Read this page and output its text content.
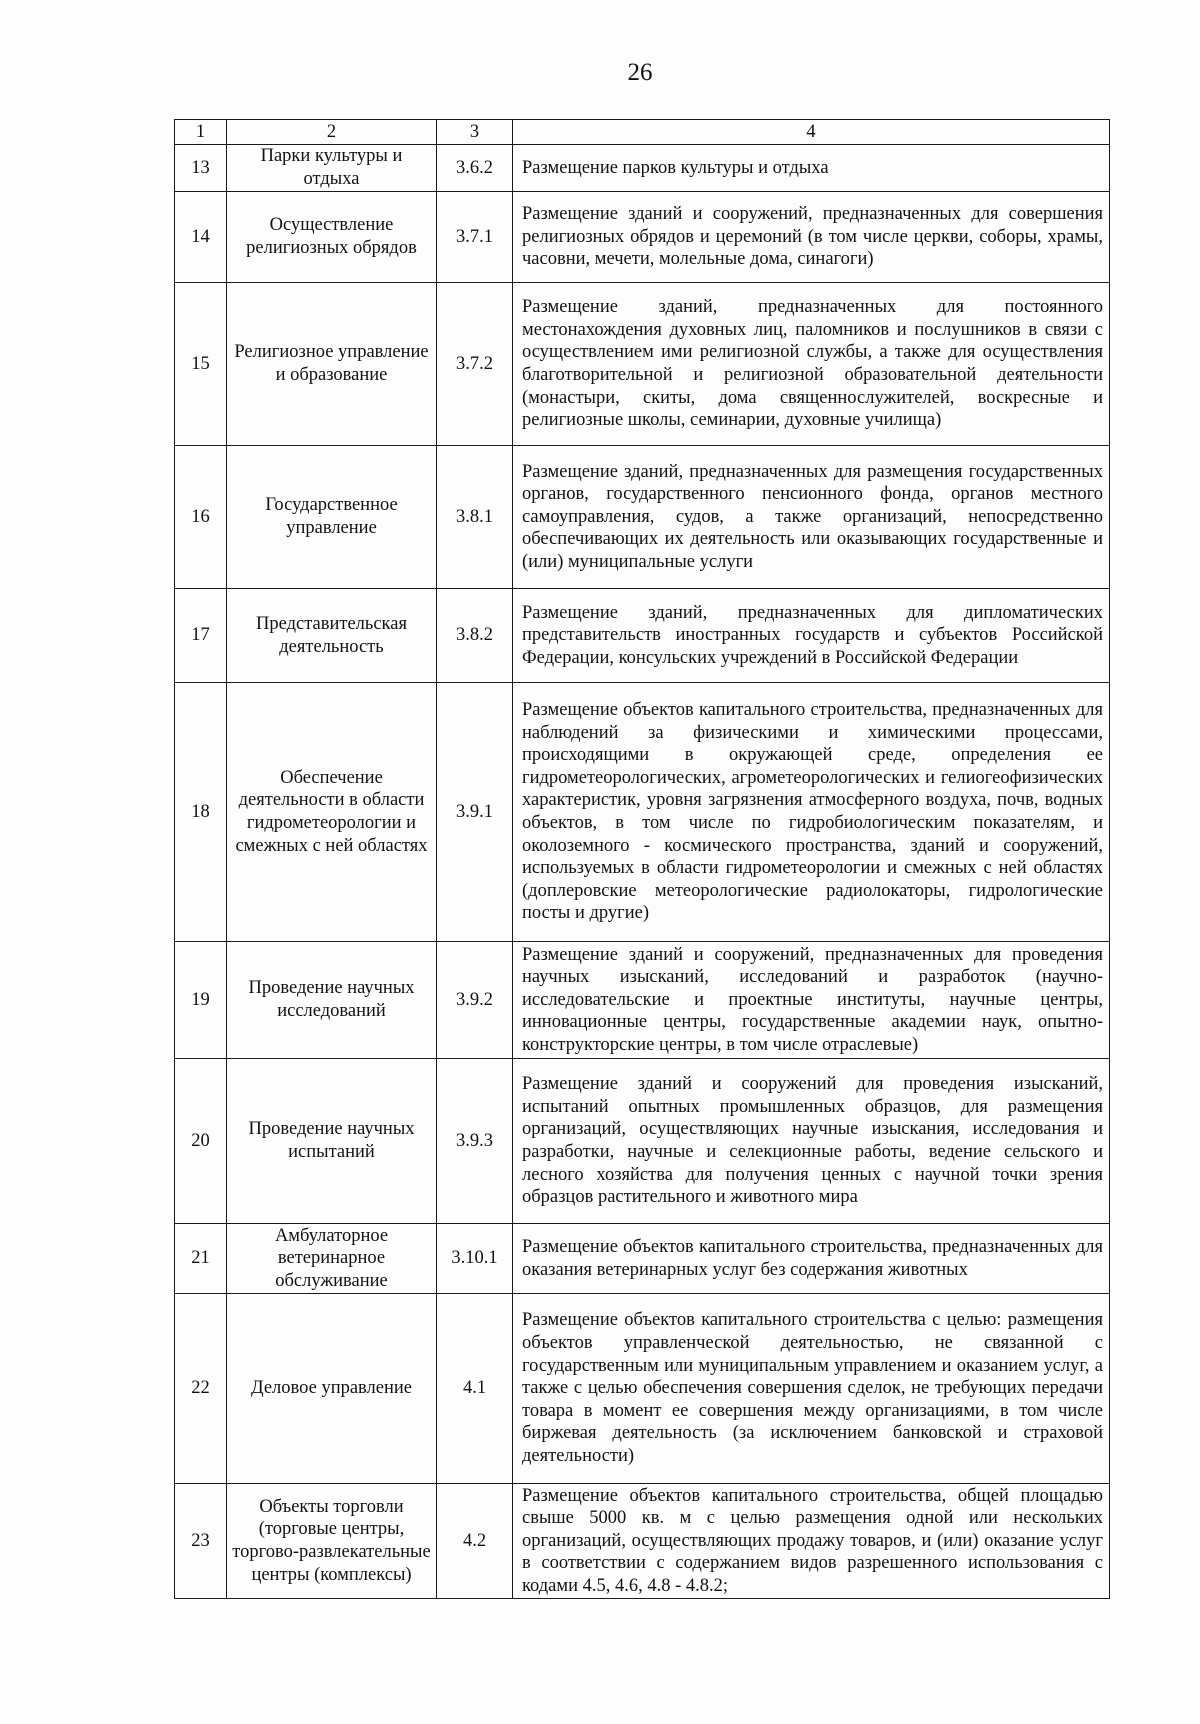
26
1	2	3	4
13	Парки культуры и отдыха	3.6.2	Размещение парков культуры и отдыха
14	Осуществление религиозных обрядов	3.7.1	Размещение зданий и сооружений, предназначенных для совершения религиозных обрядов и церемоний (в том числе церкви, соборы, храмы, часовни, мечети, молельные дома, синагоги)
15	Религиозное управление и образование	3.7.2	Размещение зданий, предназначенных для постоянного местонахождения духовных лиц, паломников и послушников в связи с осуществлением ими религиозной службы, а также для осуществления благотворительной и религиозной образовательной деятельности (монастыри, скиты, дома священнослужителей, воскресные и религиозные школы, семинарии, духовные училища)
16	Государственное управление	3.8.1	Размещение зданий, предназначенных для размещения государственных органов, государственного пенсионного фонда, органов местного самоуправления, судов, а также организаций, непосредственно обеспечивающих их деятельность или оказывающих государственные и (или) муниципальные услуги
17	Представительская деятельность	3.8.2	Размещение зданий, предназначенных для дипломатических представительств иностранных государств и субъектов Российской Федерации, консульских учреждений в Российской Федерации
18	Обеспечение деятельности в области гидрометеорологии и смежных с ней областях	3.9.1	Размещение объектов капитального строительства, предназначенных для наблюдений за физическими и химическими процессами, происходящими в окружающей среде, определения ее гидрометеорологических, агрометеорологических и гелиогеофизических характеристик, уровня загрязнения атмосферного воздуха, почв, водных объектов, в том числе по гидробиологическим показателям, и околоземного - космического пространства, зданий и сооружений, используемых в области гидрометеорологии и смежных с ней областях (доплеровские метеорологические радиолокаторы, гидрологические посты и другие)
19	Проведение научных исследований	3.9.2	Размещение зданий и сооружений, предназначенных для проведения научных изысканий, исследований и разработок (научно-исследовательские и проектные институты, научные центры, инновационные центры, государственные академии наук, опытно-конструкторские центры, в том числе отраслевые)
20	Проведение научных испытаний	3.9.3	Размещение зданий и сооружений для проведения изысканий, испытаний опытных промышленных образцов, для размещения организаций, осуществляющих научные изыскания, исследования и разработки, научные и селекционные работы, ведение сельского и лесного хозяйства для получения ценных с научной точки зрения образцов растительного и животного мира
21	Амбулаторное ветеринарное обслуживание	3.10.1	Размещение объектов капитального строительства, предназначенных для оказания ветеринарных услуг без содержания животных
22	Деловое управление	4.1	Размещение объектов капитального строительства с целью: размещения объектов управленческой деятельностью, не связанной с государственным или муниципальным управлением и оказанием услуг, а также с целью обеспечения совершения сделок, не требующих передачи товара в момент ее совершения между организациями, в том числе биржевая деятельность (за исключением банковской и страховой деятельности)
23	Объекты торговли (торговые центры, торгово-развлекательные центры (комплексы)	4.2	Размещение объектов капитального строительства, общей площадью свыше 5000 кв. м с целью размещения одной или нескольких организаций, осуществляющих продажу товаров, и (или) оказание услуг в соответствии с содержанием видов разрешенного использования с кодами 4.5, 4.6, 4.8 - 4.8.2;
